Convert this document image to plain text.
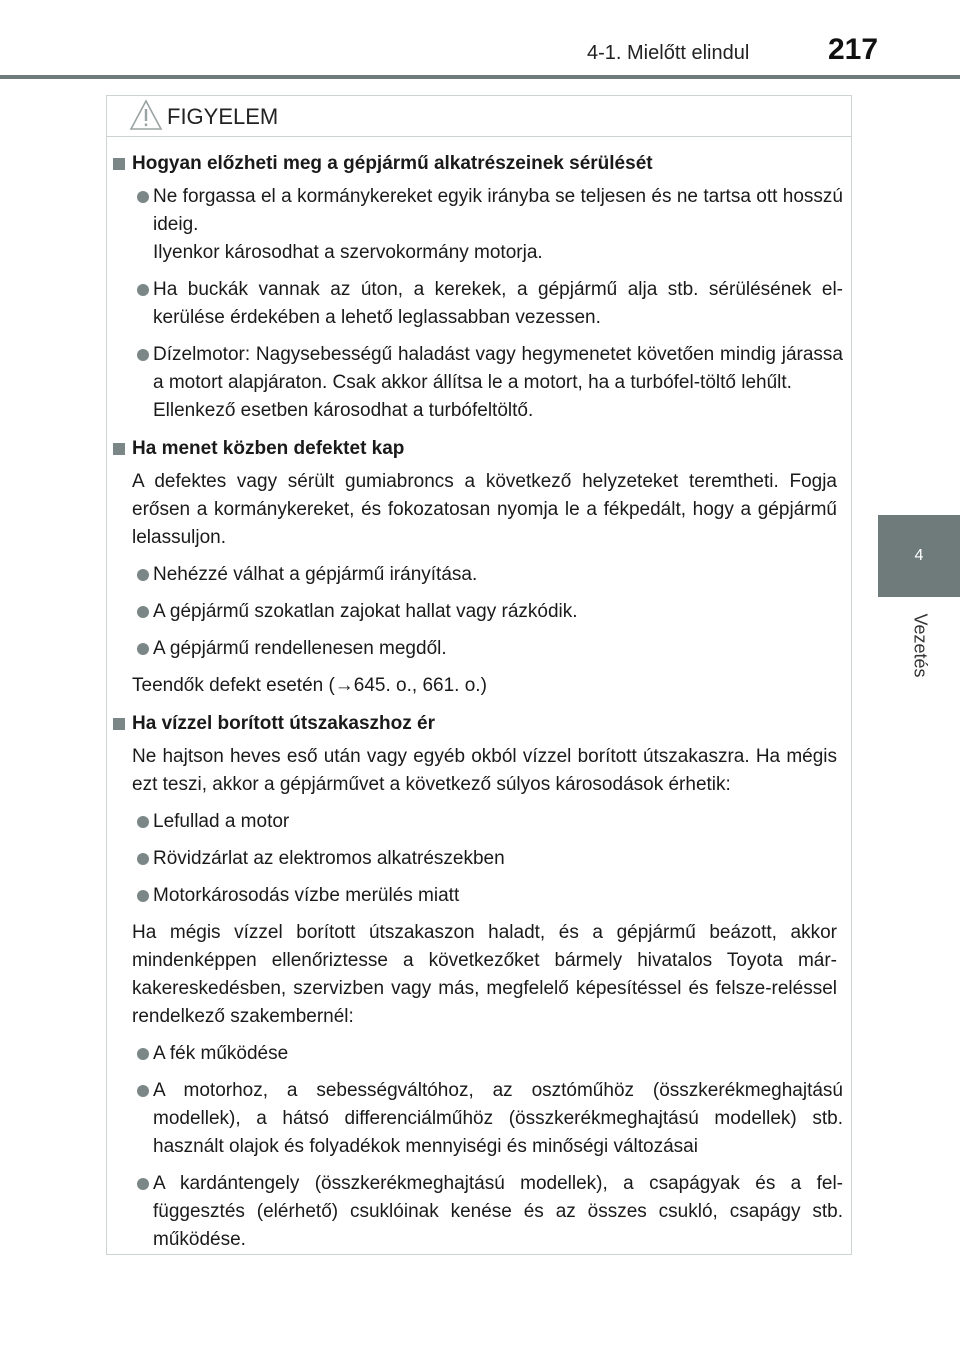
4-1. Mielőtt elindul	217
4
Vezetés
FIGYELEM
Hogyan előzheti meg a gépjármű alkatrészeinek sérülését
Ne forgassa el a kormánykereket egyik irányba se teljesen és ne tartsa ott hosszú ideig.
Ilyenkor károsodhat a szervokormány motorja.
Ha buckák vannak az úton, a kerekek, a gépjármű alja stb. sérülésének el-kerülése érdekében a lehető leglassabban vezessen.
Dízelmotor: Nagysebességű haladást vagy hegymenetet követően mindig járassa a motort alapjáraton. Csak akkor állítsa le a motort, ha a turbófel-töltő lehűlt.
Ellenkező esetben károsodhat a turbófeltöltő.
Ha menet közben defektet kap
A defektes vagy sérült gumiabroncs a következő helyzeteket teremtheti. Fogja erősen a kormánykereket, és fokozatosan nyomja le a fékpedált, hogy a gépjármű lelassuljon.
Nehézzé válhat a gépjármű irányítása.
A gépjármű szokatlan zajokat hallat vagy rázkódik.
A gépjármű rendellenesen megdől.
Teendők defekt esetén (→645. o., 661. o.)
Ha vízzel borított útszakaszhoz ér
Ne hajtson heves eső után vagy egyéb okból vízzel borított útszakaszra. Ha mégis ezt teszi, akkor a gépjárművet a következő súlyos károsodások érhetik:
Lefullad a motor
Rövidzárlat az elektromos alkatrészekben
Motorkárosodás vízbe merülés miatt
Ha mégis vízzel borított útszakaszon haladt, és a gépjármű beázott, akkor mindenképpen ellenőriztesse a következőket bármely hivatalos Toyota már-kakereskedésben, szervizben vagy más, megfelelő képesítéssel és felsze-reléssel rendelkező szakembernél:
A fék működése
A motorhoz, a sebességváltóhoz, az osztóműhöz (összkerékmeghajtású modellek), a hátsó differenciálműhöz (összkerékmeghajtású modellek) stb. használt olajok és folyadékok mennyiségi és minőségi változásai
A kardántengely (összkerékmeghajtású modellek), a csapágyak és a fel-függesztés (elérhető) csuklóinak kenése és az összes csukló, csapágy stb. működése.
